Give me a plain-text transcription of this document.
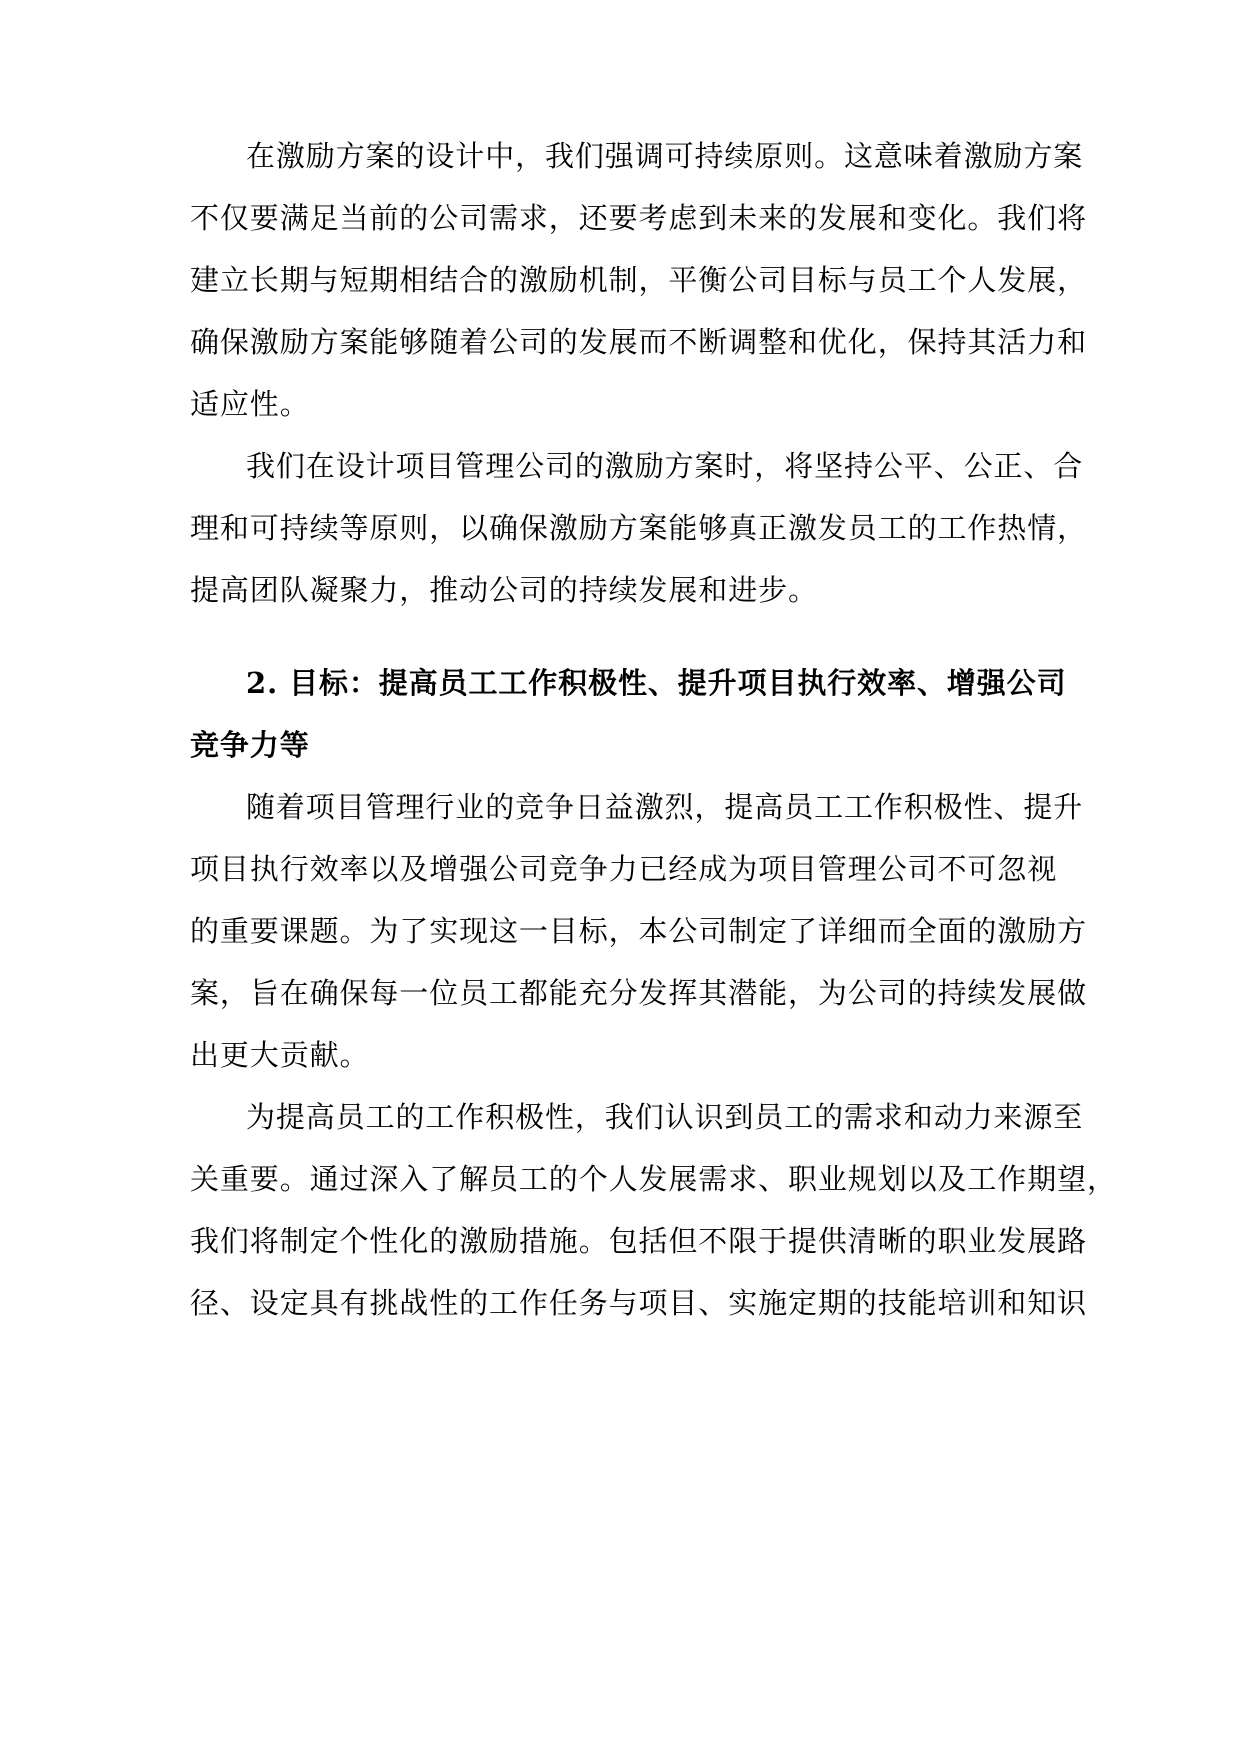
在激励方案的设计中，我们强调可持续原则。这意味着激励方案
不仅要满足当前的公司需求，还要考虑到未来的发展和变化。我们将
建立长期与短期相结合的激励机制，平衡公司目标与员工个人发展，
确保激励方案能够随着公司的发展而不断调整和优化，保持其活力和
适应性。
我们在设计项目管理公司的激励方案时，将坚持公平、公正、合
理和可持续等原则，以确保激励方案能够真正激发员工的工作热情，
提高团队凝聚力，推动公司的持续发展和进步。
2. 目标：提高员工工作积极性、提升项目执行效率、增强公司
竞争力等
随着项目管理行业的竞争日益激烈，提高员工工作积极性、提升
项目执行效率以及增强公司竞争力已经成为项目管理公司不可忽视
的重要课题。为了实现这一目标，本公司制定了详细而全面的激励方
案，旨在确保每一位员工都能充分发挥其潜能，为公司的持续发展做
出更大贡献。
为提高员工的工作积极性，我们认识到员工的需求和动力来源至
关重要。通过深入了解员工的个人发展需求、职业规划以及工作期望，
我们将制定个性化的激励措施。包括但不限于提供清晰的职业发展路
径、设定具有挑战性的工作任务与项目、实施定期的技能培训和知识
